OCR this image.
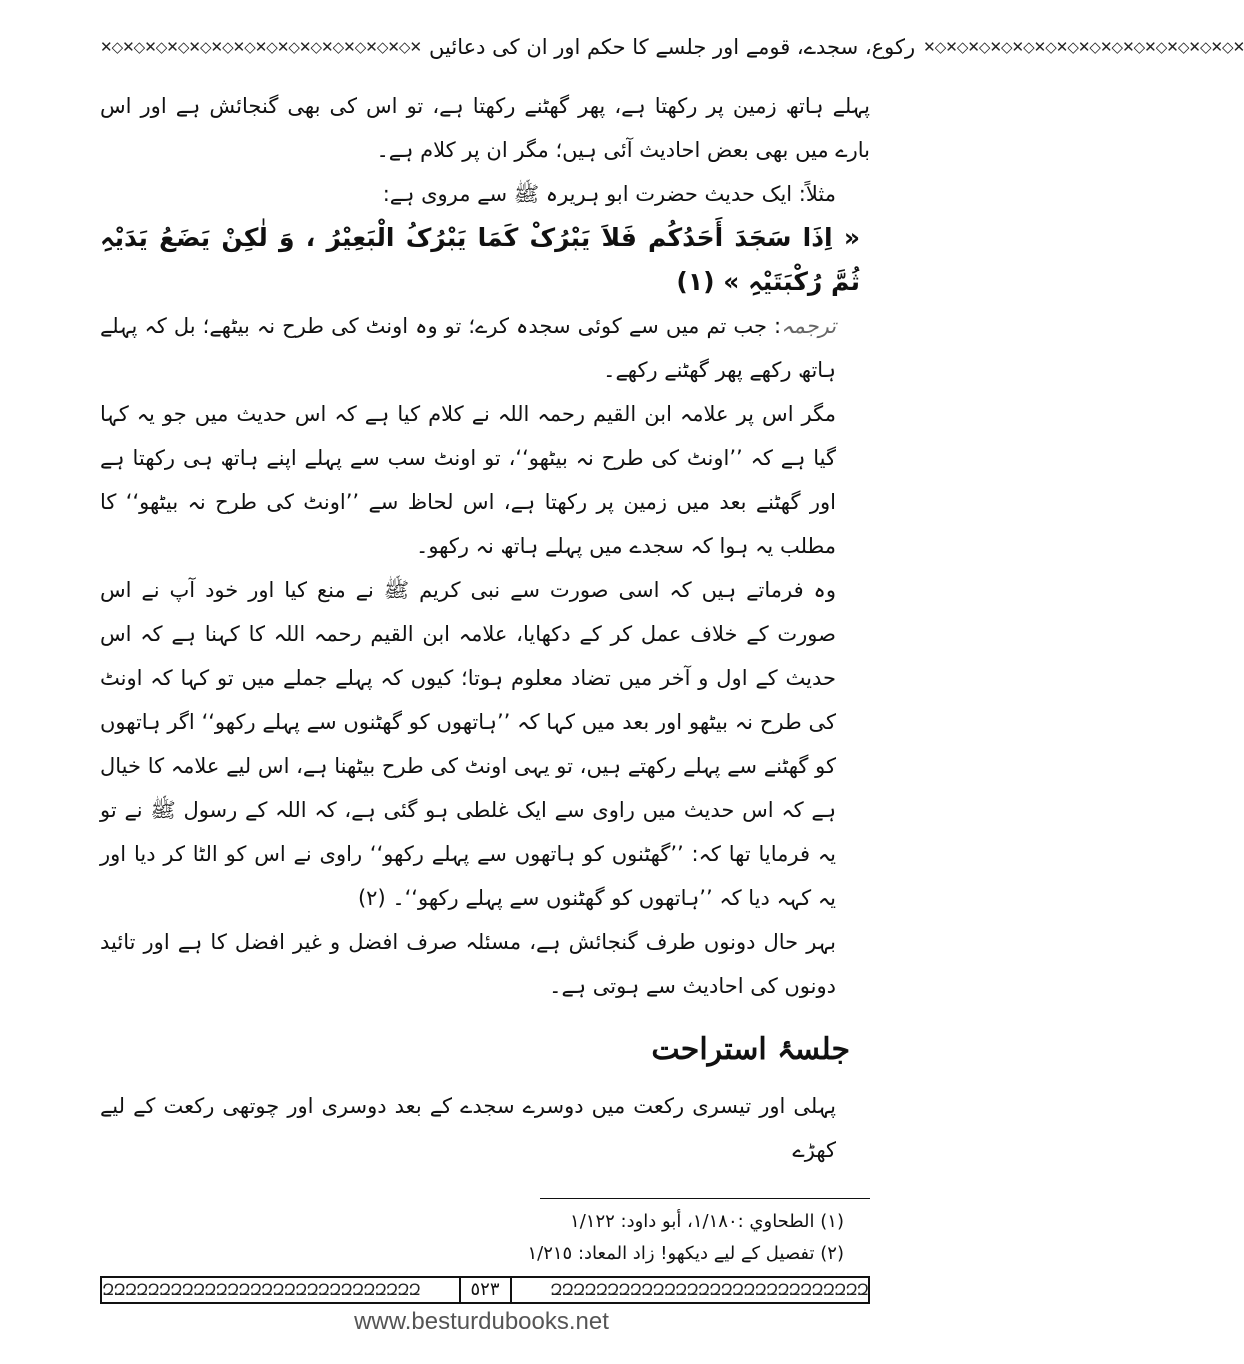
✕◇✕◇✕◇✕◇✕◇✕◇✕◇✕◇✕◇✕◇✕◇✕◇✕◇✕◇✕ رکوع، سجدے، قومے اور جلسے کا حکم اور ان کی دعائیں ✕◇✕◇✕◇✕◇✕◇✕◇✕◇✕◇✕◇✕◇✕◇✕◇✕◇✕◇✕

پہلے ہاتھ زمین پر رکھتا ہے، پھر گھٹنے رکھتا ہے، تو اس کی بھی گنجائش ہے اور اس بارے میں بھی بعض احادیث آئی ہیں؛ مگر ان پر کلام ہے۔

مثلاً: ایک حدیث حضرت ابو ہریرہ ﷺ سے مروی ہے:

« اِذَا سَجَدَ أَحَدُکُم فَلاَ یَبْرُکْ کَمَا یَبْرُکُ الْبَعِیْرُ ، وَ لٰکِنْ یَضَعُ یَدَیْہِ ثُمَّ رُکْبَتَیْہِ » (١)

ترجمہ: جب تم میں سے کوئی سجدہ کرے؛ تو وہ اونٹ کی طرح نہ بیٹھے؛ بل کہ پہلے ہاتھ رکھے پھر گھٹنے رکھے۔

مگر اس پر علامہ ابن القیم رحمہ اللہ نے کلام کیا ہے کہ اس حدیث میں جو یہ کہا گیا ہے کہ ’’اونٹ کی طرح نہ بیٹھو‘‘، تو اونٹ سب سے پہلے اپنے ہاتھ ہی رکھتا ہے اور گھٹنے بعد میں زمین پر رکھتا ہے، اس لحاظ سے ’’اونٹ کی طرح نہ بیٹھو‘‘ کا مطلب یہ ہوا کہ سجدے میں پہلے ہاتھ نہ رکھو۔

وہ فرماتے ہیں کہ اسی صورت سے نبی کریم ﷺ نے منع کیا اور خود آپ نے اس صورت کے خلاف عمل کر کے دکھایا، علامہ ابن القیم رحمہ اللہ کا کہنا ہے کہ اس حدیث کے اول و آخر میں تضاد معلوم ہوتا؛ کیوں کہ پہلے جملے میں تو کہا کہ اونٹ کی طرح نہ بیٹھو اور بعد میں کہا کہ ’’ہاتھوں کو گھٹنوں سے پہلے رکھو‘‘ اگر ہاتھوں کو گھٹنے سے پہلے رکھتے ہیں، تو یہی اونٹ کی طرح بیٹھنا ہے، اس لیے علامہ کا خیال ہے کہ اس حدیث میں راوی سے ایک غلطی ہو گئی ہے، کہ اللہ کے رسول ﷺ نے تو یہ فرمایا تھا کہ: ’’گھٹنوں کو ہاتھوں سے پہلے رکھو‘‘ راوی نے اس کو الٹا کر دیا اور یہ کہہ دیا کہ ’’ہاتھوں کو گھٹنوں سے پہلے رکھو‘‘۔ (٢)

بہر حال دونوں طرف گنجائش ہے، مسئلہ صرف افضل و غیر افضل کا ہے اور تائید دونوں کی احادیث سے ہوتی ہے۔

جلسۂ استراحت

پہلی اور تیسری رکعت میں دوسرے سجدے کے بعد دوسری اور چوتھی رکعت کے لیے کھڑے

(١) الطحاوي :١/١٨٠، أبو داود: ١/١٢٢
(٢) تفصیل کے لیے دیکھو! زاد المعاد: ١/٢١٥
ԶԶԶԶԶԶԶԶԶԶԶԶԶԶԶԶԶԶԶԶԶԶԶԶԶԶԶԶ	٥٢٣	ԶԶԶԶԶԶԶԶԶԶԶԶԶԶԶԶԶԶԶԶԶԶԶԶԶԶԶԶ
www.besturdubooks.net
